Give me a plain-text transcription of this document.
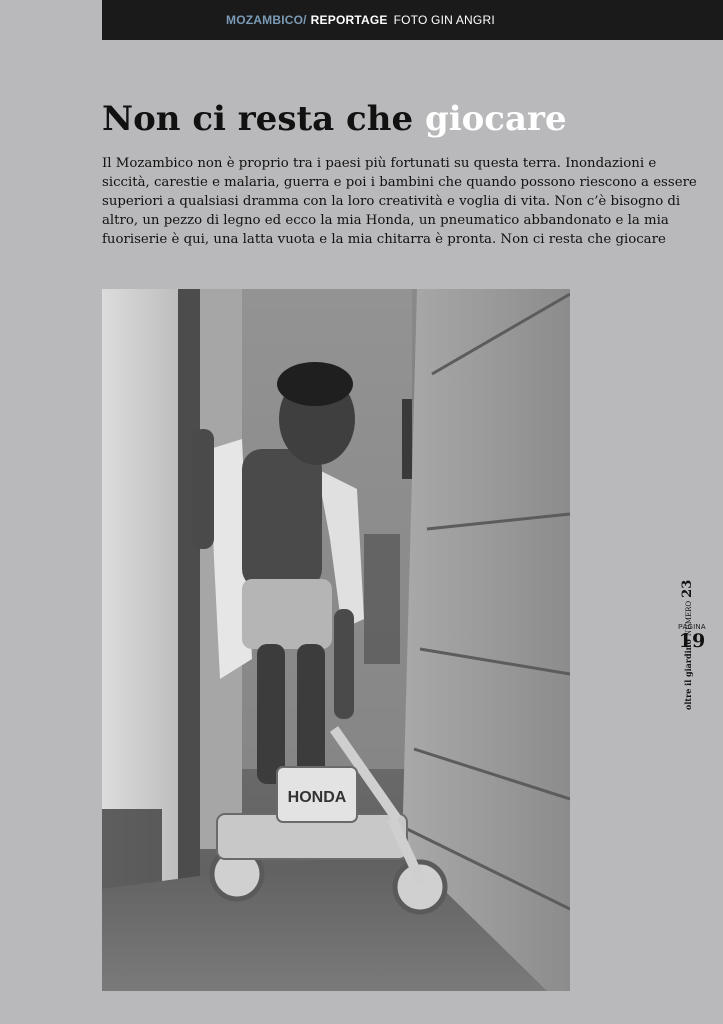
MOZAMBICO/ REPORTAGE FOTO GIN ANGRI
Non ci resta che giocare

Il Mozambico non è proprio tra i paesi più fortunati su questa terra. Inondazioni e
siccità, carestie e malaria, guerra e poi i bambini che quando possono riescono a essere
superiori a qualsiasi dramma con la loro creatività e voglia di vita. Non c’è bisogno di
altro, un pezzo di legno ed ecco la mia Honda, un pneumatico abbandonato e la mia
fuoriserie è qui, una latta vuota e la mia chitarra è pronta. Non ci resta che giocare

HONDA
oltre il giardino
NUMERO
23
PAGINA
19
